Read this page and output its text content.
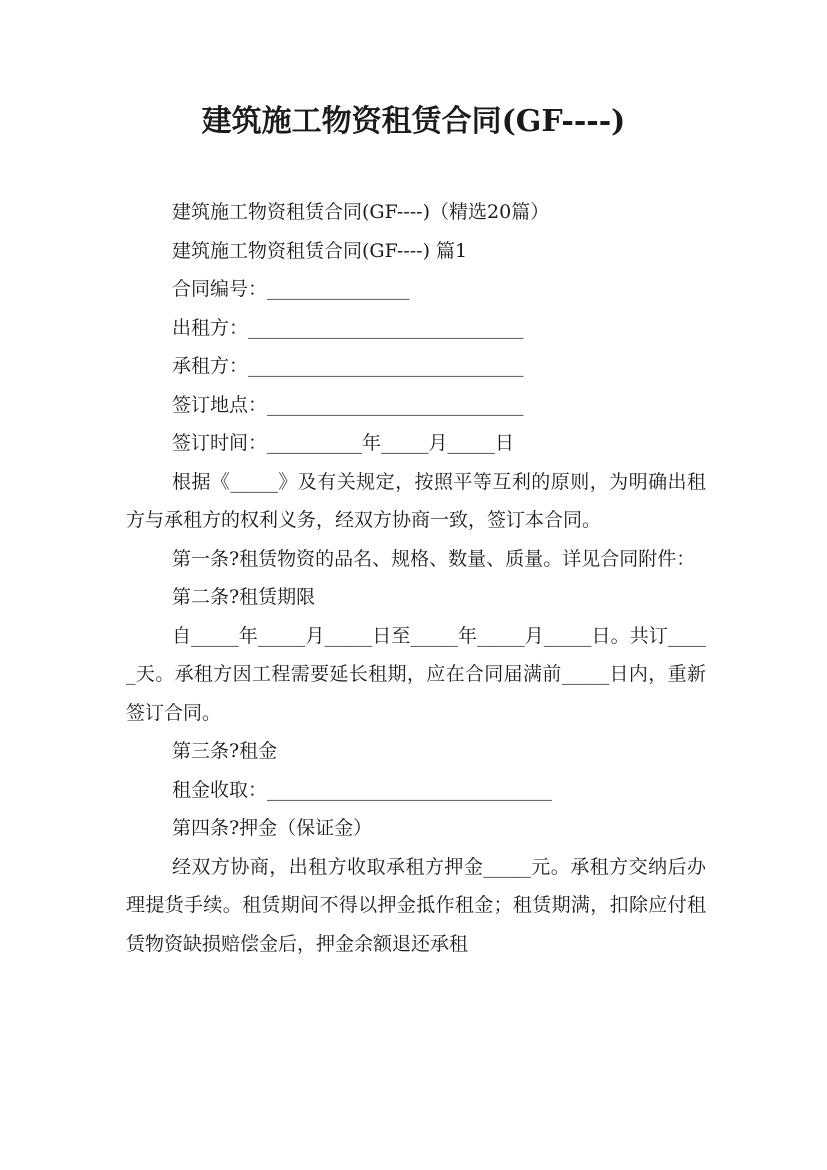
建筑施工物资租赁合同(GF----)
建筑施工物资租赁合同(GF----)（精选20篇）
建筑施工物资租赁合同(GF----) 篇1
合同编号：_______________
出租方：_____________________________
承租方：_____________________________
签订地点：___________________________
签订时间：__________年_____月_____日
根据《_____》及有关规定，按照平等互利的原则，为明确出租方与承租方的权利义务，经双方协商一致，签订本合同。
第一条?租赁物资的品名、规格、数量、质量。详见合同附件：
第二条?租赁期限
自_____年_____月_____日至_____年_____月_____日。共订_____天。承租方因工程需要延长租期，应在合同届满前_____日内，重新签订合同。
第三条?租金
租金收取：______________________________
第四条?押金（保证金）
经双方协商，出租方收取承租方押金_____元。承租方交纳后办理提货手续。租赁期间不得以押金抵作租金；租赁期满，扣除应付租赁物资缺损赔偿金后，押金余额退还承租
